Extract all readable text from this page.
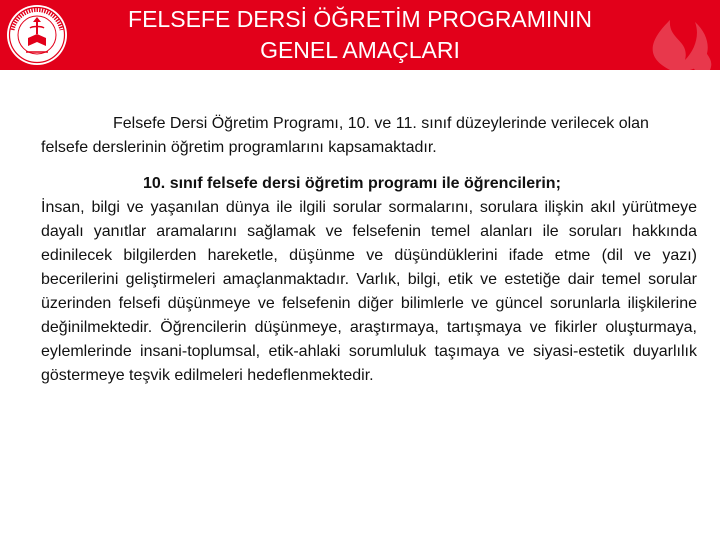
FELSEFE DERSİ ÖĞRETİM PROGRAMININ
GENEL AMAÇLARI

Felsefe Dersi Öğretim Programı, 10. ve 11. sınıf düzeylerinde verilecek olan felsefe derslerinin öğretim programlarını kapsamaktadır.

10. sınıf felsefe dersi öğretim programı ile öğrencilerin;

İnsan, bilgi ve yaşanılan dünya ile ilgili sorular sormalarını, sorulara ilişkin akıl yürütmeye dayalı yanıtlar aramalarını sağlamak ve felsefenin temel alanları ile soruları hakkında edinilecek bilgilerden hareketle, düşünme ve düşündüklerini ifade etme (dil ve yazı) becerilerini geliştirmeleri amaçlanmaktadır. Varlık, bilgi, etik ve estetiğe dair temel sorular üzerinden felsefi düşünmeye ve felsefenin diğer bilimlerle ve güncel sorunlarla ilişkilerine değinilmektedir. Öğrencilerin düşünmeye, araştırmaya, tartışmaya ve fikirler oluşturmaya, eylemlerinde insani-toplumsal, etik-ahlaki sorumluluk taşımaya ve siyasi-estetik duyarlılık göstermeye teşvik edilmeleri hedeflenmektedir.
